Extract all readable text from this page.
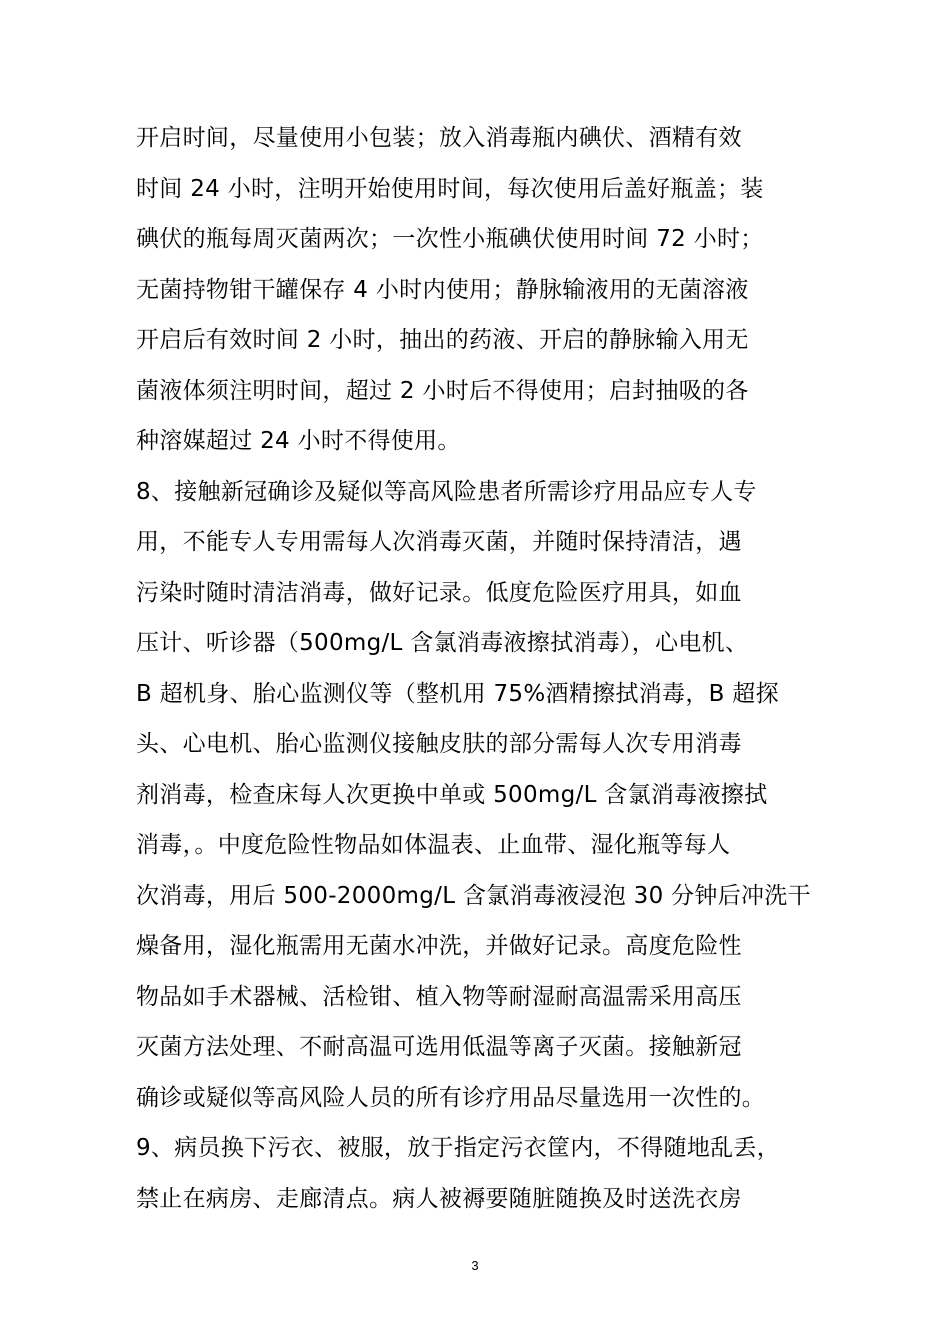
开启时间，尽量使用小包装；放入消毒瓶内碘伏、酒精有效
时间 24 小时，注明开始使用时间，每次使用后盖好瓶盖；装
碘伏的瓶每周灭菌两次；一次性小瓶碘伏使用时间 72 小时；
无菌持物钳干罐保存 4 小时内使用；静脉输液用的无菌溶液
开启后有效时间 2 小时，抽出的药液、开启的静脉输入用无
菌液体须注明时间，超过 2 小时后不得使用；启封抽吸的各
种溶媒超过 24 小时不得使用。
8、接触新冠确诊及疑似等高风险患者所需诊疗用品应专人专
用，不能专人专用需每人次消毒灭菌，并随时保持清洁，遇
污染时随时清洁消毒，做好记录。低度危险医疗用具，如血
压计、听诊器（500mg/L 含氯消毒液擦拭消毒），心电机、
B 超机身、胎心监测仪等（整机用 75%酒精擦拭消毒，B 超探
头、心电机、胎心监测仪接触皮肤的部分需每人次专用消毒
剂消毒，检查床每人次更换中单或 500mg/L 含氯消毒液擦拭
消毒，。中度危险性物品如体温表、止血带、湿化瓶等每人
次消毒，用后 500-2000mg/L 含氯消毒液浸泡 30 分钟后冲洗干
燥备用，湿化瓶需用无菌水冲洗，并做好记录。高度危险性
物品如手术器械、活检钳、植入物等耐湿耐高温需采用高压
灭菌方法处理、不耐高温可选用低温等离子灭菌。接触新冠
确诊或疑似等高风险人员的所有诊疗用品尽量选用一次性的。
9、病员换下污衣、被服，放于指定污衣筐内，不得随地乱丢，
禁止在病房、走廊清点。病人被褥要随脏随换及时送洗衣房
3
